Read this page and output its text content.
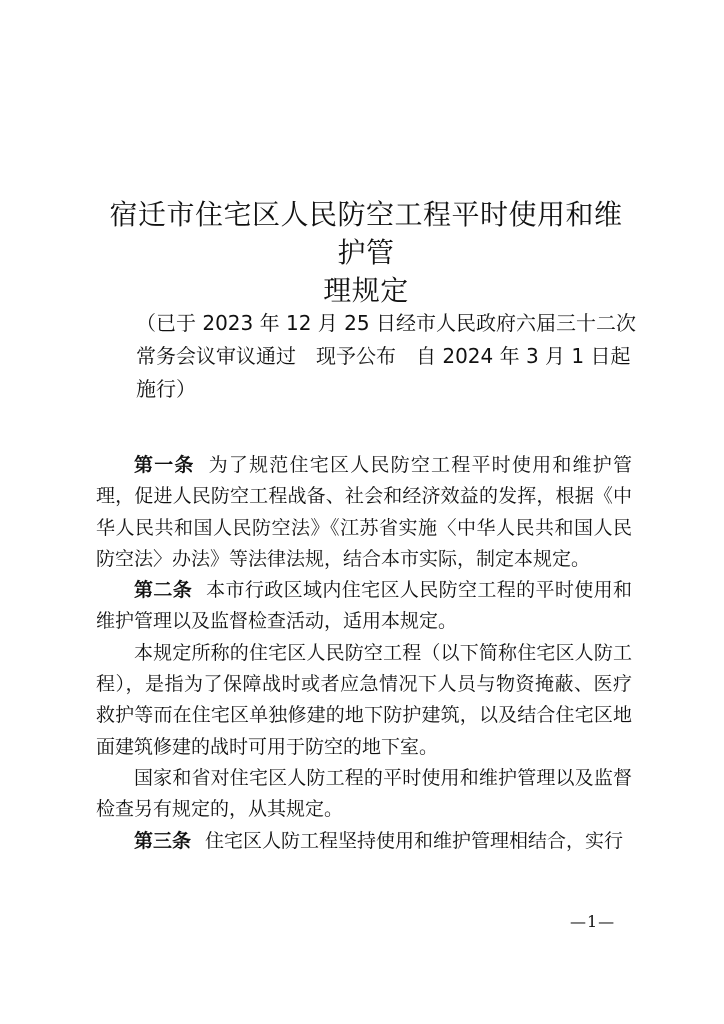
宿迁市住宅区人民防空工程平时使用和维护管
理规定
（已于 2023 年 12 月 25 日经市人民政府六届三十二次
常务会议审议通过　现予公布　自 2024 年 3 月 1 日起
施行）

第一条 为了规范住宅区人民防空工程平时使用和维护管理，促进人民防空工程战备、社会和经济效益的发挥，根据《中华人民共和国人民防空法》《江苏省实施〈中华人民共和国人民防空法〉办法》等法律法规，结合本市实际，制定本规定。

第二条 本市行政区域内住宅区人民防空工程的平时使用和维护管理以及监督检查活动，适用本规定。

本规定所称的住宅区人民防空工程（以下简称住宅区人防工程），是指为了保障战时或者应急情况下人员与物资掩蔽、医疗救护等而在住宅区单独修建的地下防护建筑，以及结合住宅区地面建筑修建的战时可用于防空的地下室。

国家和省对住宅区人防工程的平时使用和维护管理以及监督检查另有规定的，从其规定。

第三条 住宅区人防工程坚持使用和维护管理相结合，实行

—1—
